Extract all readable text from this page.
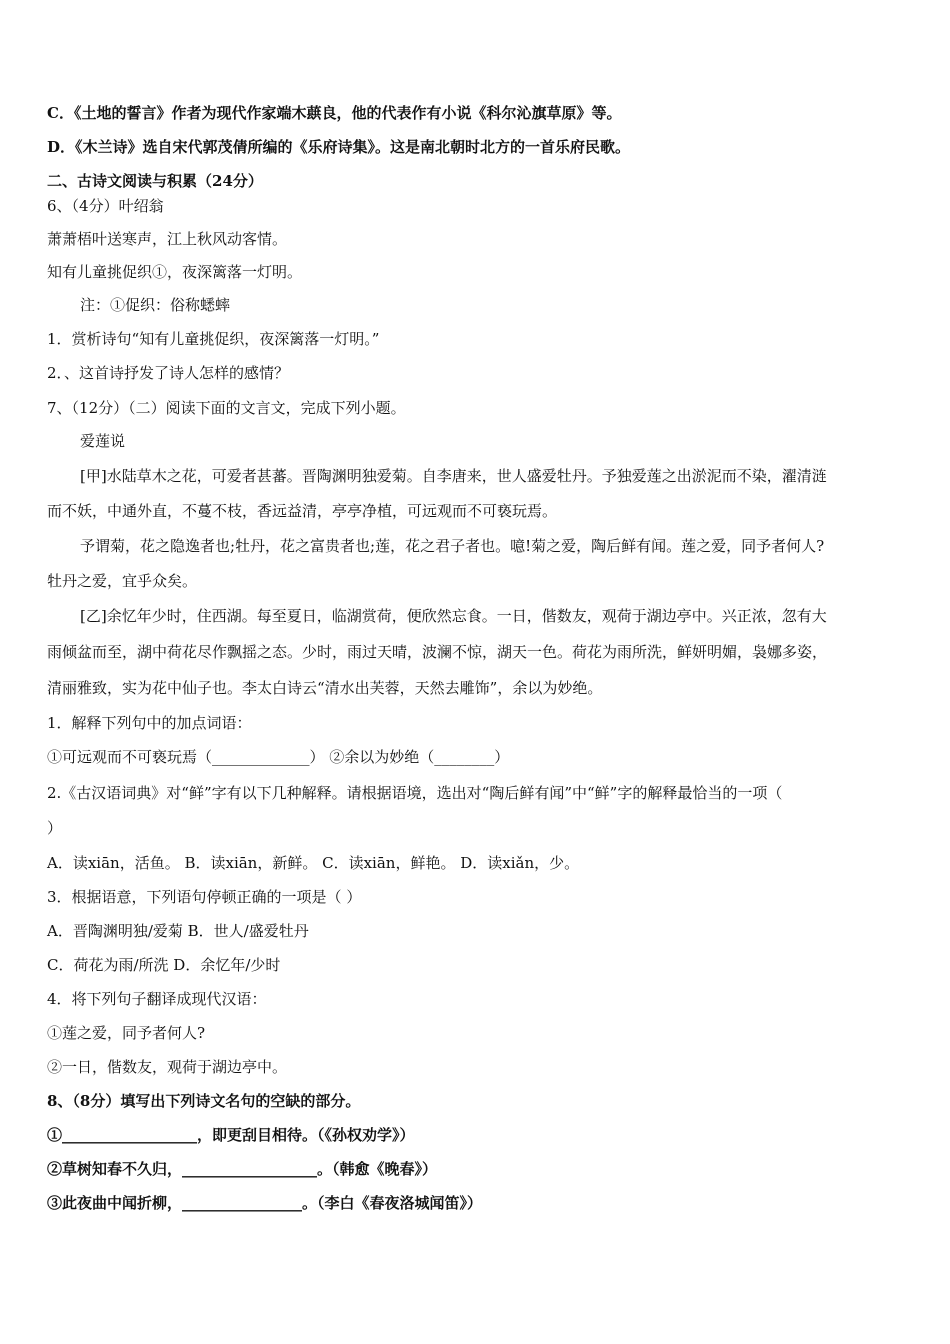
C．《土地的誓言》作者为现代作家端木蕻良，他的代表作有小说《科尔沁旗草原》等。
D．《木兰诗》选自宋代郭茂倩所编的《乐府诗集》。这是南北朝时北方的一首乐府民歌。
二、古诗文阅读与积累（24分）
6、（4分）叶绍翁
萧萧梧叶送寒声，江上秋风动客情。
知有儿童挑促织①，夜深篱落一灯明。
注：①促织：俗称蟋蟀
1．赏析诗句“知有儿童挑促织，夜深篱落一灯明。”
2．、这首诗抒发了诗人怎样的感情？
7、（12分）（二）阅读下面的文言文，完成下列小题。
爱莲说
[甲]水陆草木之花，可爱者甚蕃。晋陶渊明独爱菊。自李唐来，世人盛爱牡丹。予独爱莲之出淤泥而不染，濯清涟
而不妖，中通外直，不蔓不枝，香远益清，亭亭净植，可远观而不可亵玩焉。
予谓菊，花之隐逸者也;牡丹，花之富贵者也;莲，花之君子者也。噫!菊之爱，陶后鲜有闻。莲之爱，同予者何人?
牡丹之爱，宜乎众矣。
[乙]余忆年少时，住西湖。每至夏日，临湖赏荷，便欣然忘食。一日，偕数友，观荷于湖边亭中。兴正浓，忽有大
雨倾盆而至，湖中荷花尽作飘摇之态。少时，雨过天晴，波澜不惊，湖天一色。荷花为雨所洗，鲜妍明媚，袅娜多姿，
清丽雅致，实为花中仙子也。李太白诗云“清水出芙蓉，天然去雕饰”，余以为妙绝。
1．解释下列句中的加点词语：
①可远观而不可亵玩焉（_____________） ②余以为妙绝（________）
2.《古汉语词典》对“鲜”字有以下几种解释。请根据语境，选出对“陶后鲜有闻”中“鲜”字的解释最恰当的一项（
）
A．读xiān，活鱼。 B．读xiān，新鲜。 C．读xiān，鲜艳。 D．读xiǎn，少。
3．根据语意，下列语句停顿正确的一项是（ ）
A．晋陶渊明独/爱菊 B．世人/盛爱牡丹
C．荷花为雨/所洗 D．余忆年/少时
4．将下列句子翻译成现代汉语：
①莲之爱，同予者何人?
②一日，偕数友，观荷于湖边亭中。
8、（8分）填写出下列诗文名句的空缺的部分。
①__________________，即更刮目相待。（《孙权劝学》）
②草树知春不久归，__________________。（韩愈《晚春》）
③此夜曲中闻折柳，________________。（李白《春夜洛城闻笛》）
